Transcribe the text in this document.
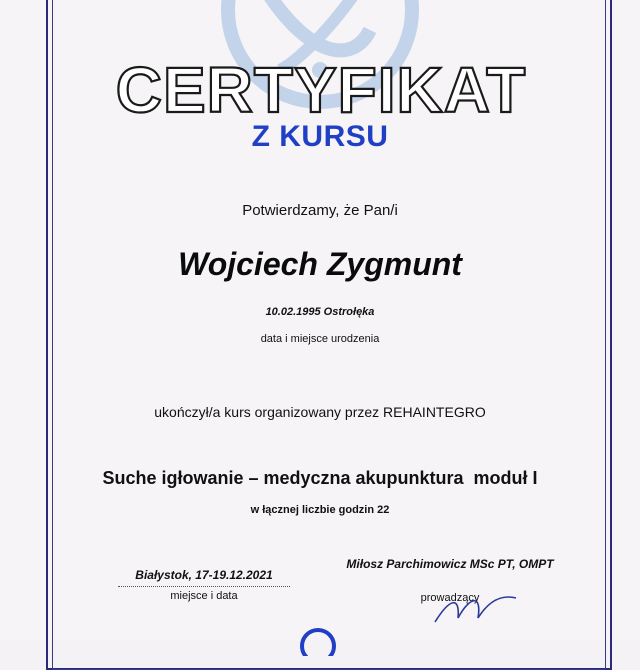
CERTYFIKAT
Z KURSU
Potwierdzamy, że Pan/i
Wojciech Zygmunt
10.02.1995 Ostrołęka
data i miejsce urodzenia
ukończył/a kurs organizowany przez REHAINTEGRO
Suche igłowanie – medyczna akupunktura  moduł I
w łącznej liczbie godzin 22
Białystok, 17-19.12.2021
miejsce i data
Miłosz Parchimowicz MSc PT, OMPT
prowadzący
